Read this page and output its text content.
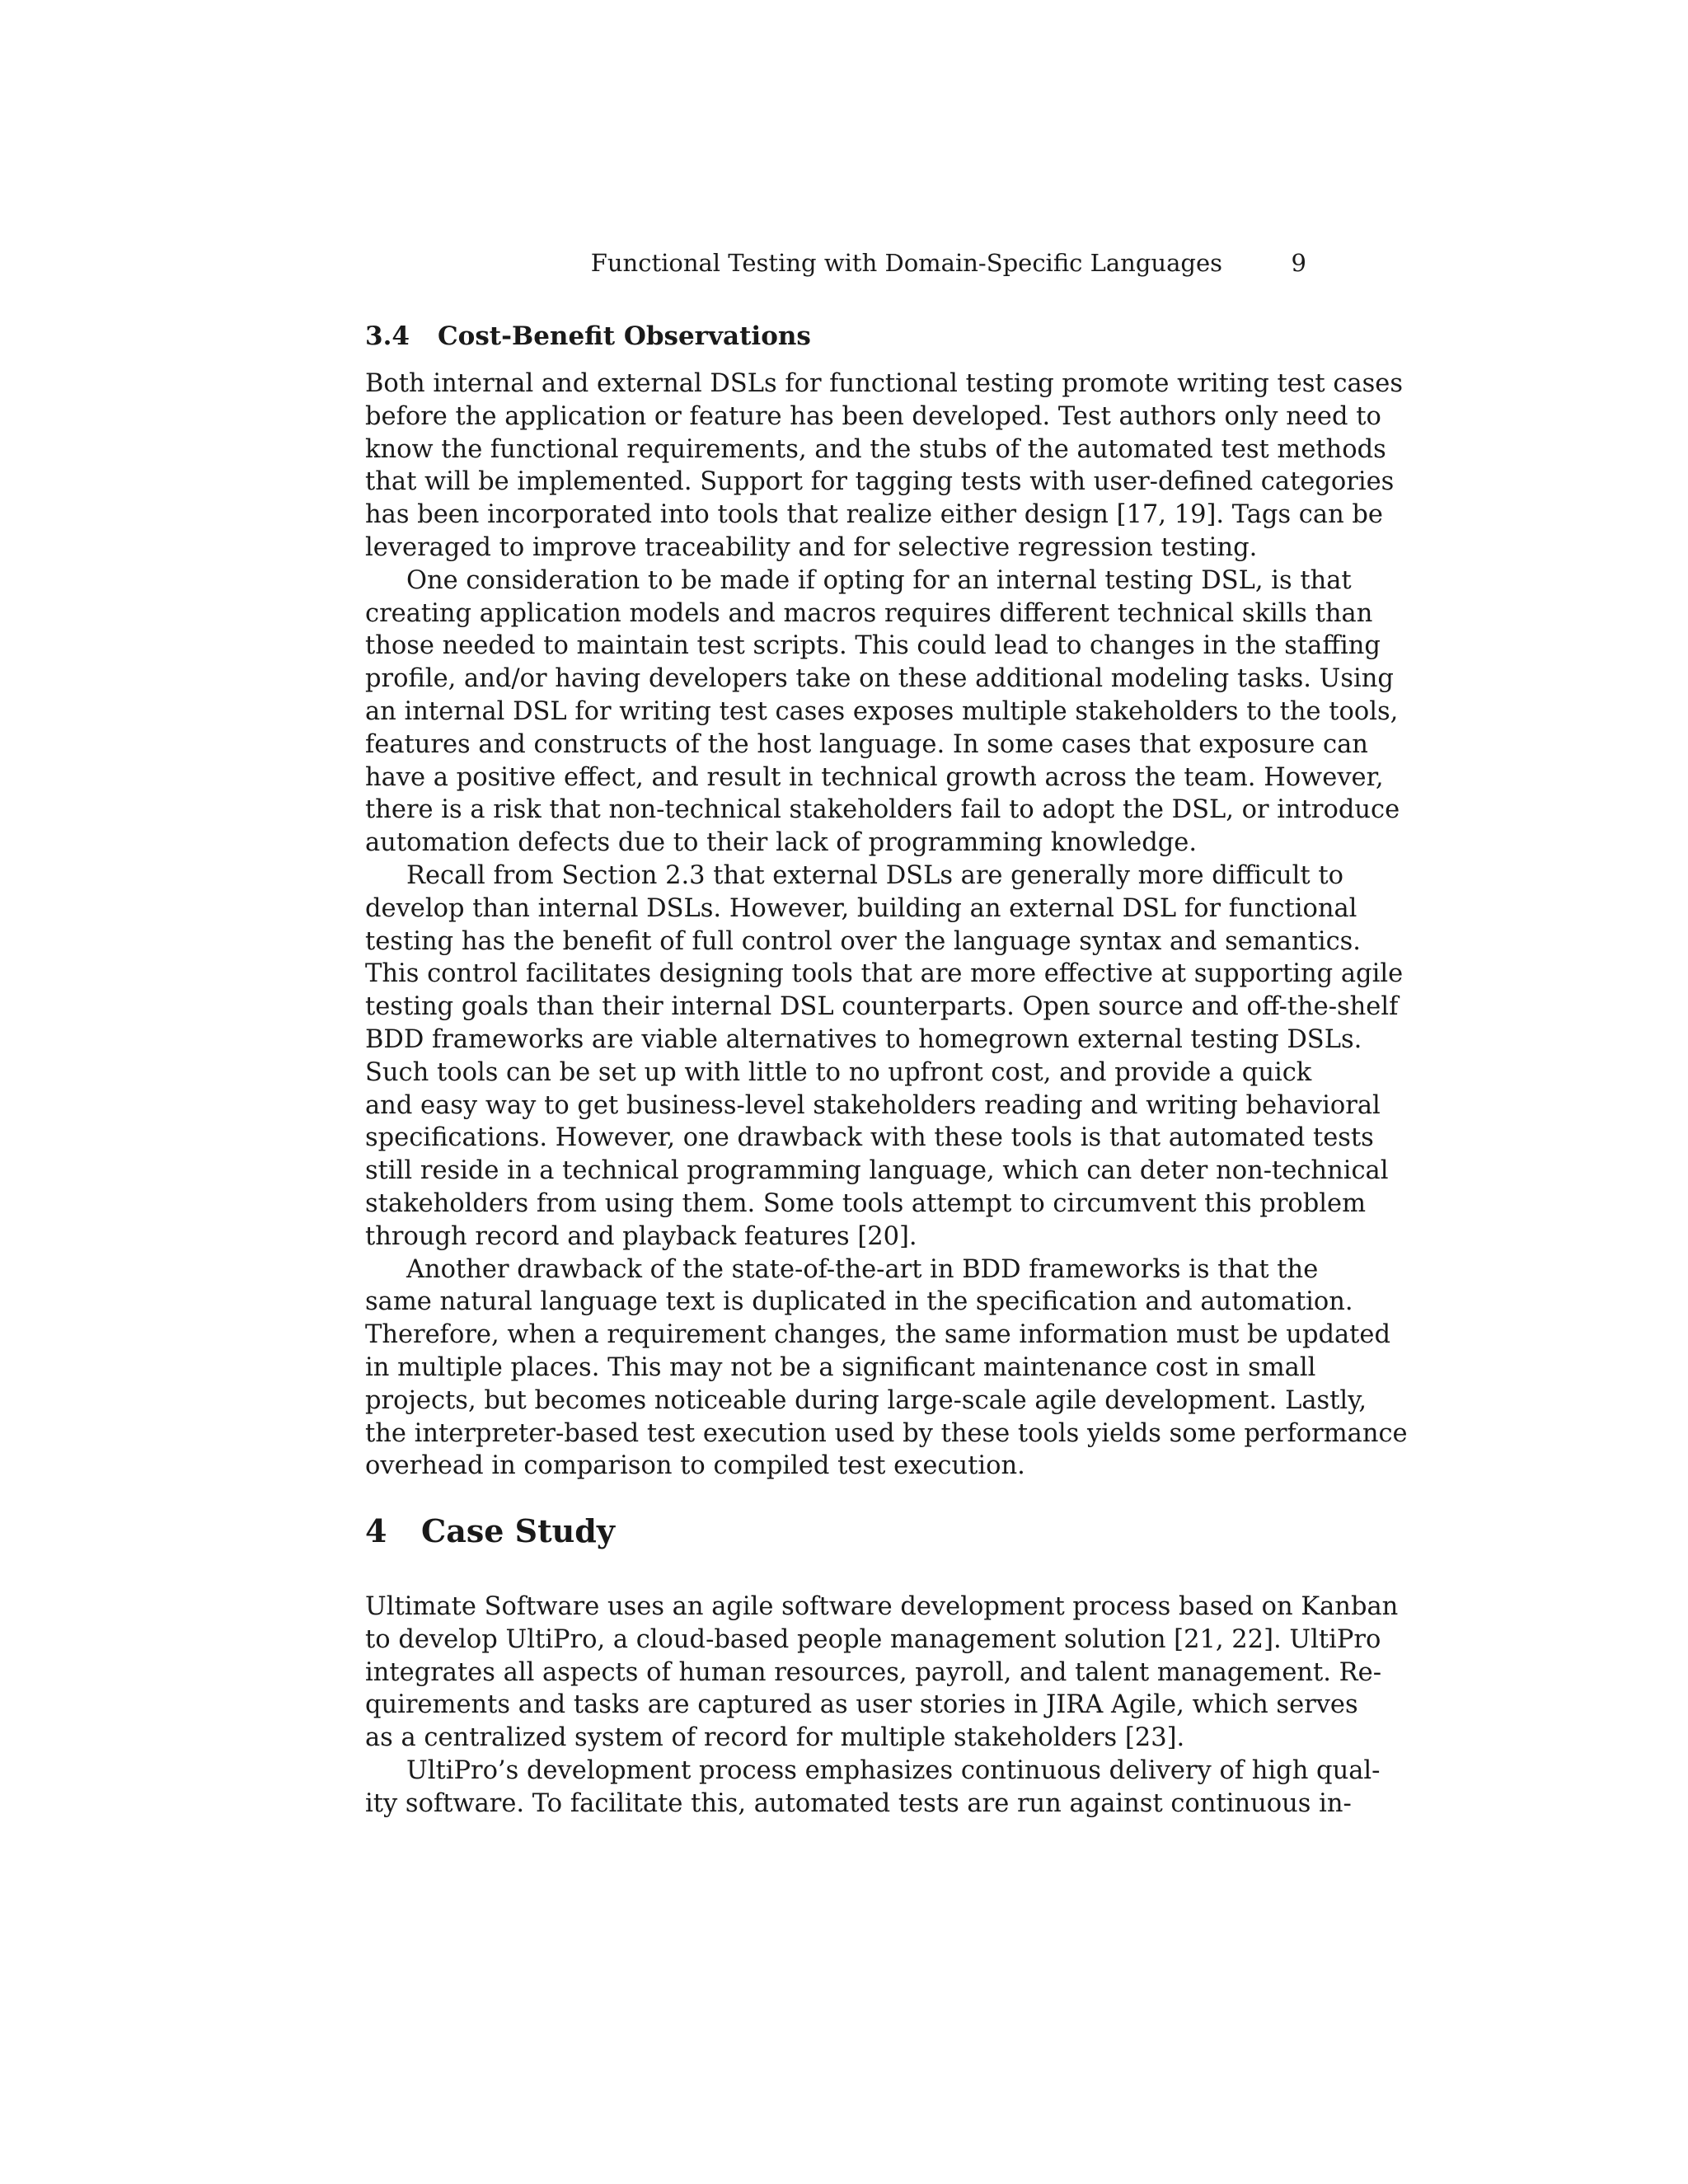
Functional Testing with Domain-Specific Languages	9
3.4 Cost-Benefit Observations
Both internal and external DSLs for functional testing promote writing test cases
before the application or feature has been developed. Test authors only need to
know the functional requirements, and the stubs of the automated test methods
that will be implemented. Support for tagging tests with user-defined categories
has been incorporated into tools that realize either design [17, 19]. Tags can be
leveraged to improve traceability and for selective regression testing.
One consideration to be made if opting for an internal testing DSL, is that
creating application models and macros requires different technical skills than
those needed to maintain test scripts. This could lead to changes in the staffing
profile, and/or having developers take on these additional modeling tasks. Using
an internal DSL for writing test cases exposes multiple stakeholders to the tools,
features and constructs of the host language. In some cases that exposure can
have a positive effect, and result in technical growth across the team. However,
there is a risk that non-technical stakeholders fail to adopt the DSL, or introduce
automation defects due to their lack of programming knowledge.
Recall from Section 2.3 that external DSLs are generally more difficult to
develop than internal DSLs. However, building an external DSL for functional
testing has the benefit of full control over the language syntax and semantics.
This control facilitates designing tools that are more effective at supporting agile
testing goals than their internal DSL counterparts. Open source and off-the-shelf
BDD frameworks are viable alternatives to homegrown external testing DSLs.
Such tools can be set up with little to no upfront cost, and provide a quick
and easy way to get business-level stakeholders reading and writing behavioral
specifications. However, one drawback with these tools is that automated tests
still reside in a technical programming language, which can deter non-technical
stakeholders from using them. Some tools attempt to circumvent this problem
through record and playback features [20].
Another drawback of the state-of-the-art in BDD frameworks is that the
same natural language text is duplicated in the specification and automation.
Therefore, when a requirement changes, the same information must be updated
in multiple places. This may not be a significant maintenance cost in small
projects, but becomes noticeable during large-scale agile development. Lastly,
the interpreter-based test execution used by these tools yields some performance
overhead in comparison to compiled test execution.
4 Case Study
Ultimate Software uses an agile software development process based on Kanban
to develop UltiPro, a cloud-based people management solution [21, 22]. UltiPro
integrates all aspects of human resources, payroll, and talent management. Re-
quirements and tasks are captured as user stories in JIRA Agile, which serves
as a centralized system of record for multiple stakeholders [23].
UltiPro’s development process emphasizes continuous delivery of high qual-
ity software. To facilitate this, automated tests are run against continuous in-
